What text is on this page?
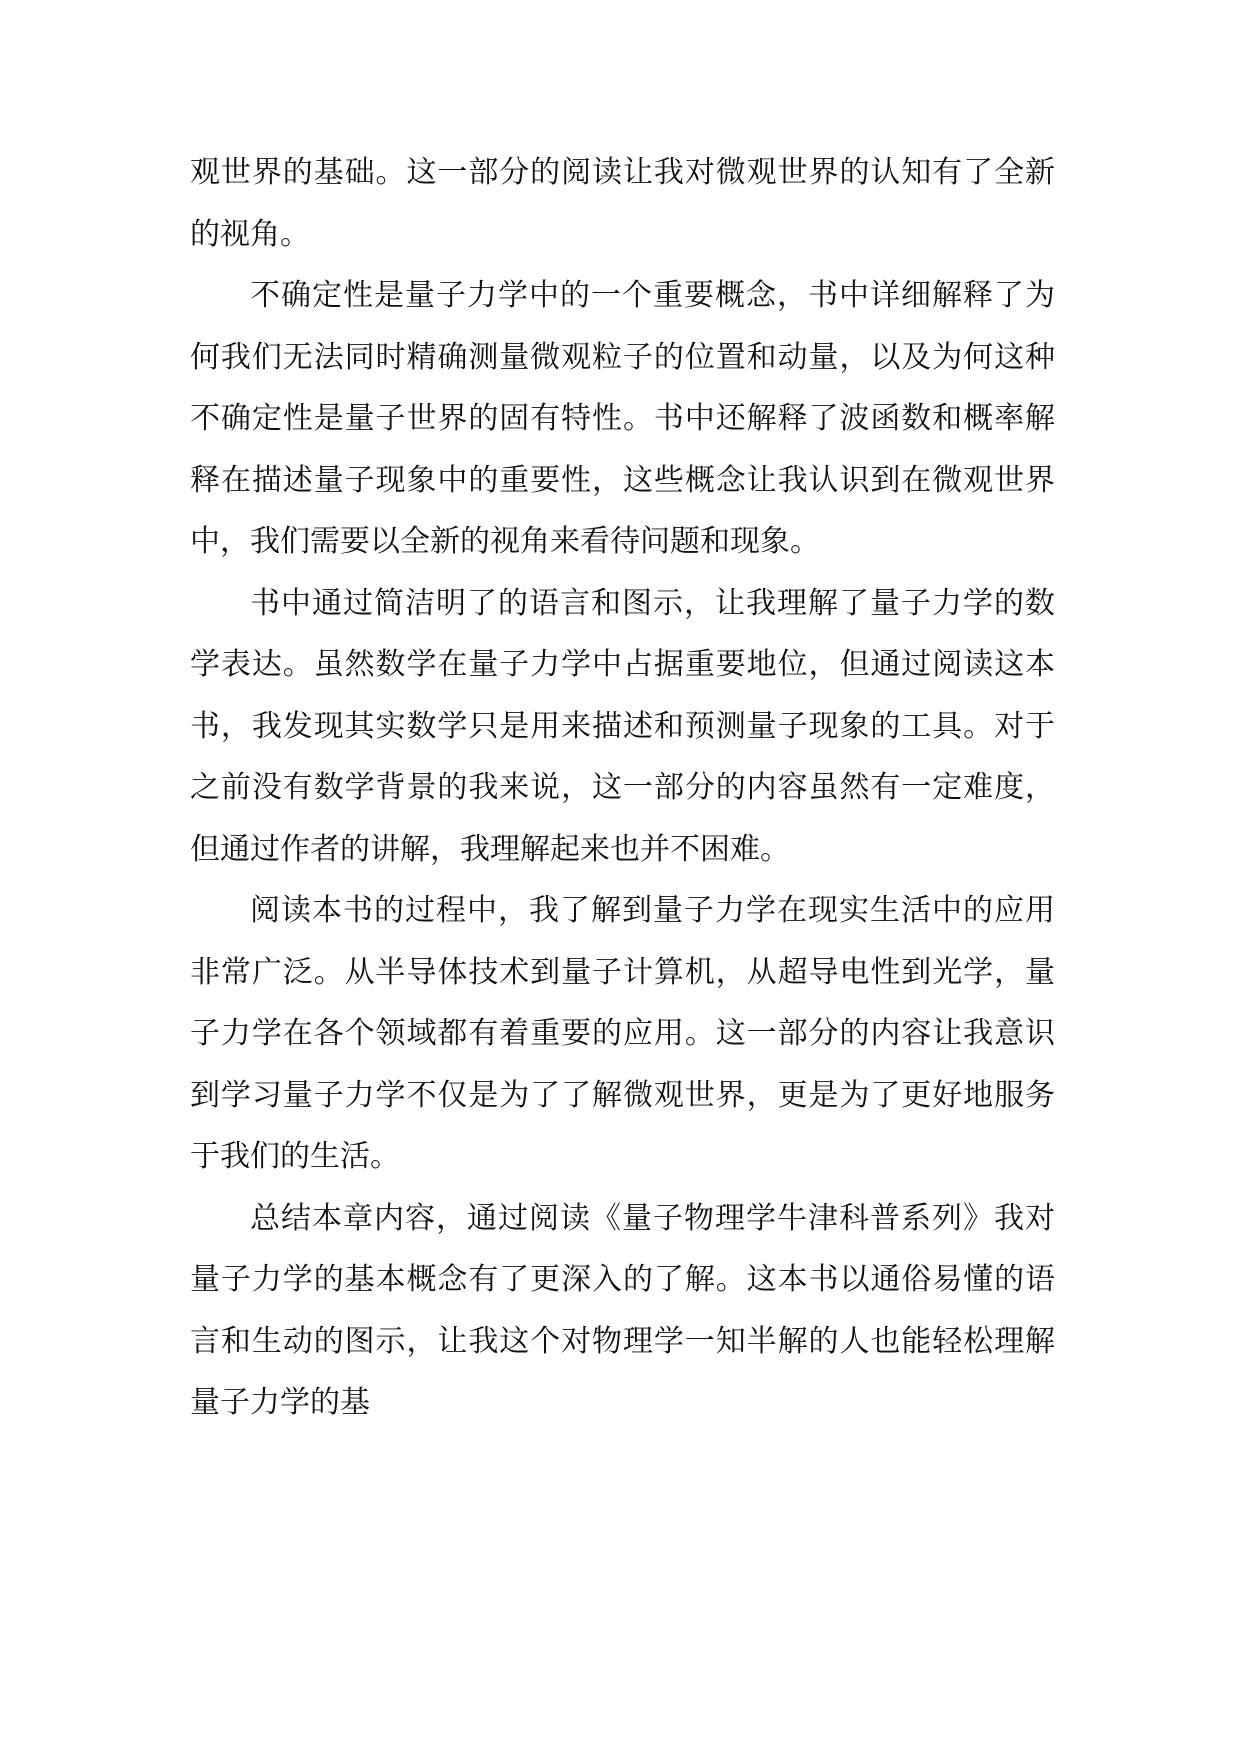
观世界的基础。这一部分的阅读让我对微观世界的认知有了全新的视角。

不确定性是量子力学中的一个重要概念，书中详细解释了为何我们无法同时精确测量微观粒子的位置和动量，以及为何这种不确定性是量子世界的固有特性。书中还解释了波函数和概率解释在描述量子现象中的重要性，这些概念让我认识到在微观世界中，我们需要以全新的视角来看待问题和现象。

书中通过简洁明了的语言和图示，让我理解了量子力学的数学表达。虽然数学在量子力学中占据重要地位，但通过阅读这本书，我发现其实数学只是用来描述和预测量子现象的工具。对于之前没有数学背景的我来说，这一部分的内容虽然有一定难度，但通过作者的讲解，我理解起来也并不困难。

阅读本书的过程中，我了解到量子力学在现实生活中的应用非常广泛。从半导体技术到量子计算机，从超导电性到光学，量子力学在各个领域都有着重要的应用。这一部分的内容让我意识到学习量子力学不仅是为了了解微观世界，更是为了更好地服务于我们的生活。

总结本章内容，通过阅读《量子物理学牛津科普系列》我对量子力学的基本概念有了更深入的了解。这本书以通俗易懂的语言和生动的图示，让我这个对物理学一知半解的人也能轻松理解量子力学的基
